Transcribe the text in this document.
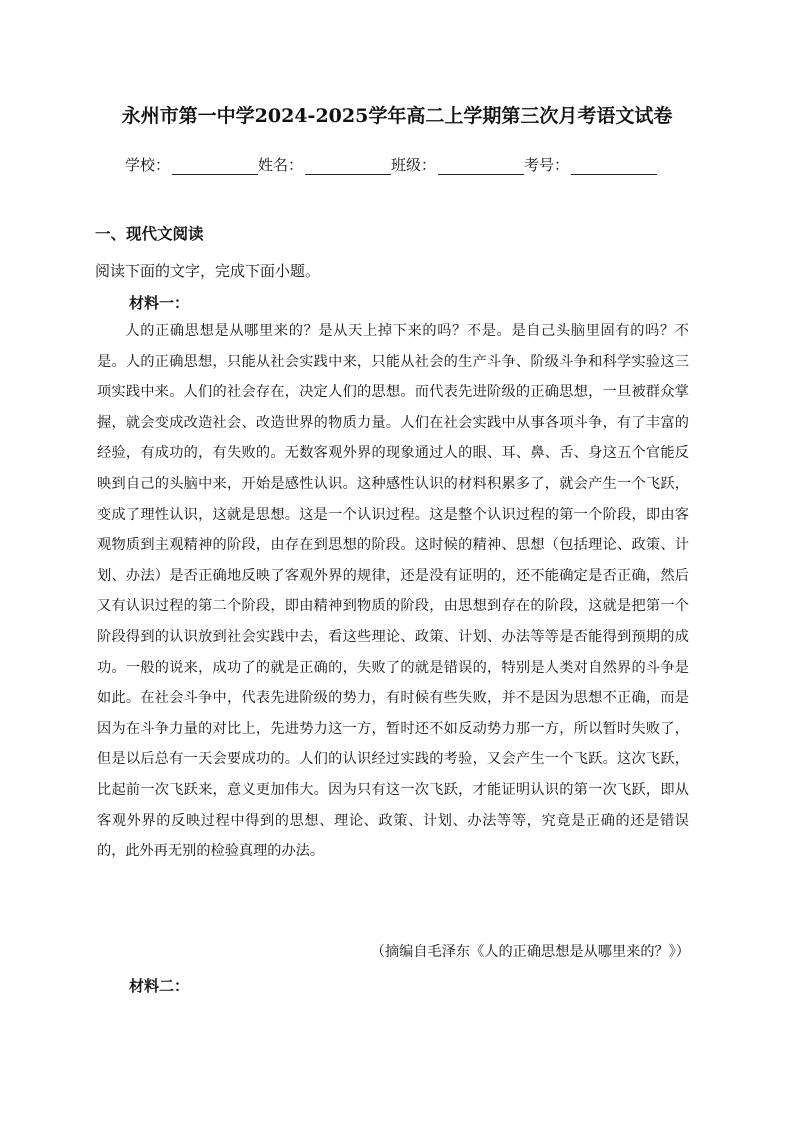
永州市第一中学2024-2025学年高二上学期第三次月考语文试卷
学校：	姓名：	班级：	考号：
一、现代文阅读

阅读下面的文字，完成下面小题。

材料一：

人的正确思想是从哪里来的？是从天上掉下来的吗？不是。是自己头脑里固有的吗？不是。人的正确思想，只能从社会实践中来，只能从社会的生产斗争、阶级斗争和科学实验这三项实践中来。人们的社会存在，决定人们的思想。而代表先进阶级的正确思想，一旦被群众掌握，就会变成改造社会、改造世界的物质力量。人们在社会实践中从事各项斗争，有了丰富的经验，有成功的，有失败的。无数客观外界的现象通过人的眼、耳、鼻、舌、身这五个官能反映到自己的头脑中来，开始是感性认识。这种感性认识的材料积累多了，就会产生一个飞跃，变成了理性认识，这就是思想。这是一个认识过程。这是整个认识过程的第一个阶段，即由客观物质到主观精神的阶段，由存在到思想的阶段。这时候的精神、思想（包括理论、政策、计划、办法）是否正确地反映了客观外界的规律，还是没有证明的，还不能确定是否正确，然后又有认识过程的第二个阶段，即由精神到物质的阶段，由思想到存在的阶段，这就是把第一个阶段得到的认识放到社会实践中去，看这些理论、政策、计划、办法等等是否能得到预期的成功。一般的说来，成功了的就是正确的，失败了的就是错误的，特别是人类对自然界的斗争是如此。在社会斗争中，代表先进阶级的势力，有时候有些失败，并不是因为思想不正确，而是因为在斗争力量的对比上，先进势力这一方，暂时还不如反动势力那一方，所以暂时失败了，但是以后总有一天会要成功的。人们的认识经过实践的考验，又会产生一个飞跃。这次飞跃，比起前一次飞跃来，意义更加伟大。因为只有这一次飞跃，才能证明认识的第一次飞跃，即从客观外界的反映过程中得到的思想、理论、政策、计划、办法等等，究竟是正确的还是错误的，此外再无别的检验真理的办法。

（摘编自毛泽东《人的正确思想是从哪里来的？》）

材料二：
